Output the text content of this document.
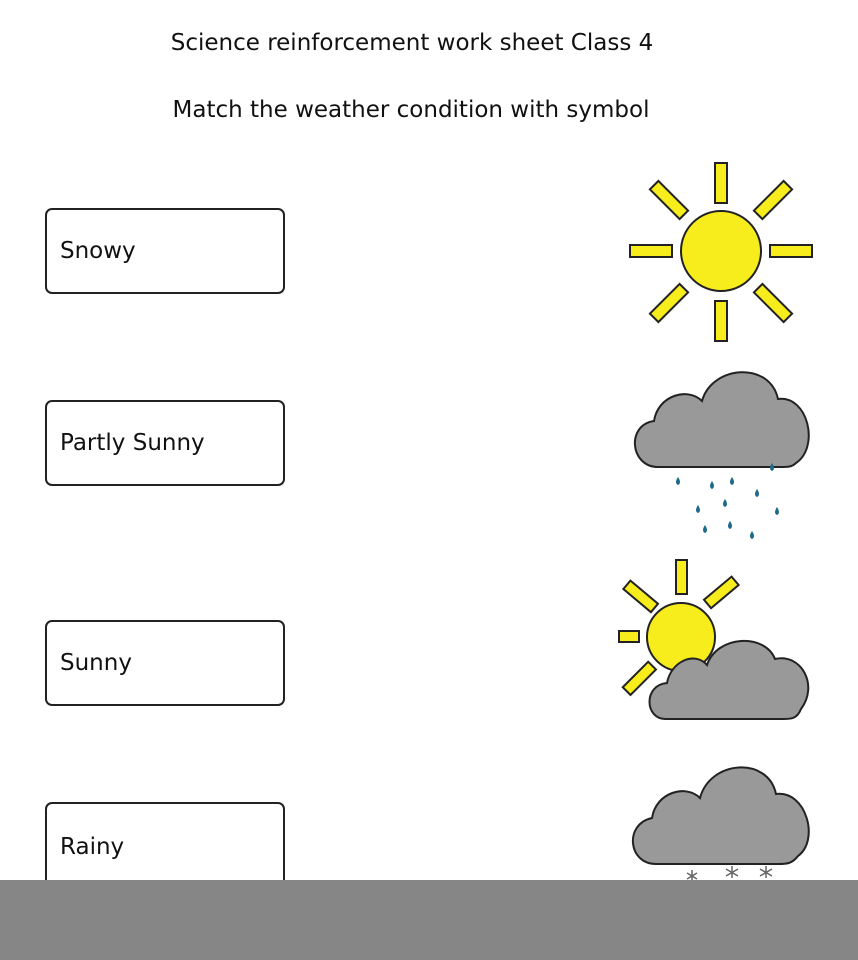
Science reinforcement work sheet Class 4
Match the weather condition with symbol
Snowy
Partly Sunny
Sunny
Rainy
